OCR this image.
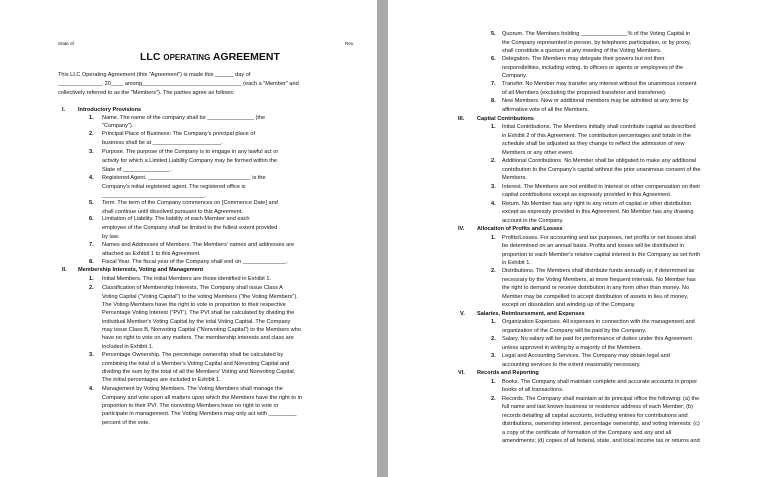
State of	Rev.
LLC OPERATING AGREEMENT
This LLC Operating Agreement (this "Agreement") is made this ______ day of
______________, 20____ among________________________________ (each a "Member" and
collectively referred to as the "Members"). The parties agree as follows:
I. Introductory Provisions
1. Name. The name of the company shall be _______________ (the
"Company").
2. Principal Place of Business: The Company's principal place of
business shall be at ______________________.
3. Purpose. The purpose of the Company is to engage in any lawful act or
activity for which a Limited Liability Company may be formed within the
State of _______________.
4. Registered Agent. _________________________________ is the
Company's initial registered agent. The registered office is
_________________________________.
5. Term. The term of the Company commences on [Commence Date] and
shall continue until dissolved pursuant to this Agreement.
6. Limitation of Liability. The liability of each Member and each
employee of the Company shall be limited to the fullest extent provided
by law.
7. Names and Addresses of Members. The Members' names and addresses are
attached as Exhibit 1 to this Agreement.
8. Fiscal Year. The fiscal year of the Company shall end on ______________.
II. Membership Interests, Voting and Management
1. Initial Members. The initial Members are those identified in Exhibit 1.
2. Classification of Membership Interests. The Company shall issue Class A
Voting Capital ("Voting Capital") to the voting Members ("the Voting Members").
The Voting Members have the right to vote in proportion to their respective
Percentage Voting Interest ("PVI"). The PVI shall be calculated by dividing the
individual Member's Voting Capital by the total Voting Capital. The Company
may issue Class B, Nonvoting Capital ("Nonvoting Capital") to the Members who
have no right to vote on any matters. The membership interests and class are
included in Exhibit 1.
3. Percentage Ownership. The percentage ownership shall be calculated by
combining the total of a Member's Voting Capital and Nonvoting Capital and
dividing the sum by the total of all the Members' Voting and Nonvoting Capital.
The initial percentages are included in Exhibit 1.
4. Management by Voting Members. The Voting Members shall manage the
Company and vote upon all matters upon which the Members have the right to in
proportion to their PVI. The nonvoting Members have no right to vote or
participate in management. The Voting Members may only act with _________
percent of the vote.
5. Quorum. The Members holding _______________% of the Voting Capital in
the Company represented in person, by telephonic participation, or by proxy,
shall constitute a quorum at any meeting of the Voting Members.
6. Delegation. The Members may delegate their powers but not their
responsibilities, including voting, to officers or agents or employees of the
Company.
7. Transfer. No Member may transfer any interest without the unanimous consent
of all Members (excluding the proposed transferor and transferee).
8. New Members. New or additional members may be admitted at any time by
affirmative vote of all the Members.
III. Capital Contributions
1. Initial Contributions. The Members initially shall contribute capital as described
in Exhibit 2 of this Agreement. The contribution percentages and totals in the
schedule shall be adjusted as they change to reflect the admission of new
Members or any other event.
2. Additional Contributions. No Member shall be obligated to make any additional
contribution to the Company's capital without the prior unanimous consent of the
Members.
3. Interest. The Members are not entitled to interest or other compensation on their
capital contributions except as expressly provided in this Agreement.
4. Return. No Member has any right to any return of capital or other distribution
except as expressly provided in this Agreement. No Member has any drawing
account in the Company.
IV. Allocation of Profits and Losses
1. Profits/Losses. For accounting and tax purposes, net profits or net losses shall
be determined on an annual basis. Profits and losses will be distributed in
proportion to each Member's relative capital interest in the Company as set forth
in Exhibit 1.
2. Distributions. The Members shall distribute funds annually or, if determined as
necessary by the Voting Members, at more frequent intervals. No Member has
the right to demand or receive distribution in any form other than money. No
Member may be compelled to accept distribution of assets in lieu of money,
except on dissolution and winding up of the Company.
V. Salaries, Reimbursement, and Expenses
1. Organization Expenses. All expenses in connection with the management and
organization of the Company will be paid by the Company.
2. Salary. No salary will be paid for performance of duties under this Agreement
unless approved in writing by a majority of the Members.
3. Legal and Accounting Services. The Company may obtain legal and
accounting services to the extent reasonably necessary.
VI. Records and Reporting
1. Books. The Company shall maintain complete and accurate accounts in proper
books of all transactions.
2. Records. The Company shall maintain at its principal office the following: (a) the
full name and last known business or residence address of each Member; (b)
records detailing all capital accounts, including entries for contributions and
distributions, ownership interest, percentage ownership, and voting interests; (c)
a copy of the certificate of formation of the Company and any and all
amendments; (d) copies of all federal, state, and local income tax or returns and
